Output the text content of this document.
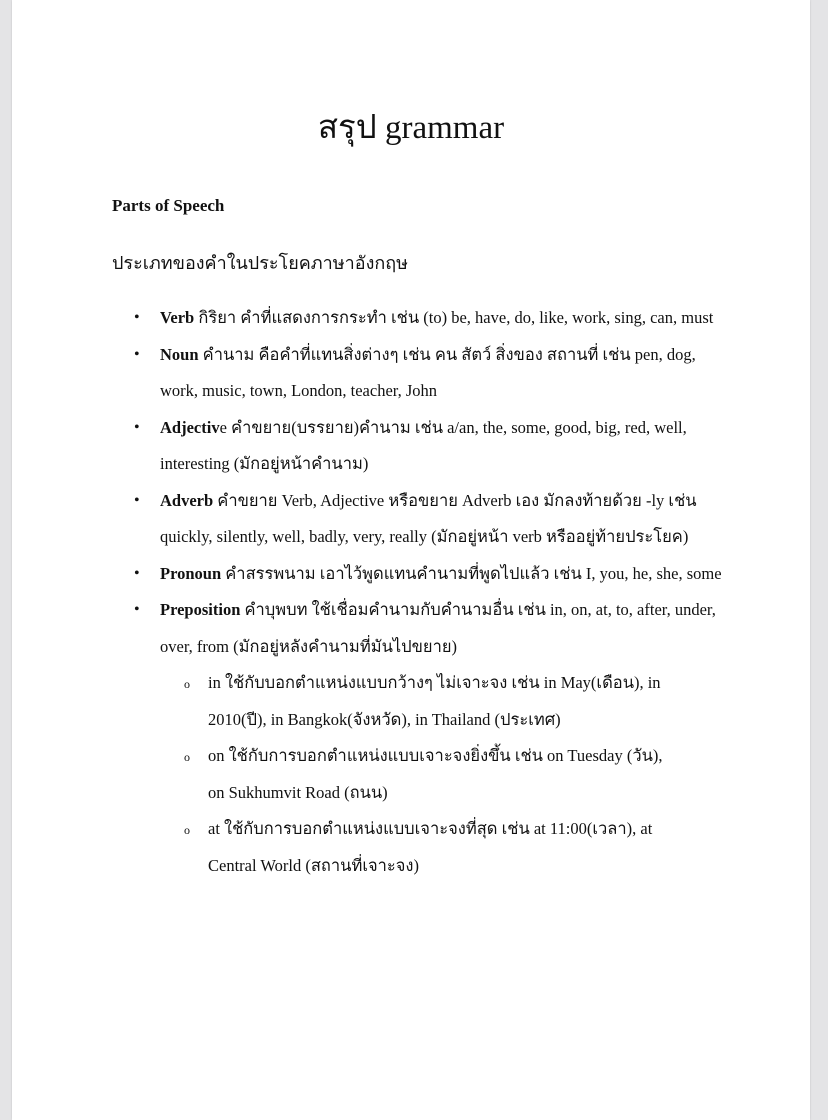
สรุป grammar

Parts of Speech

ประเภทของคำในประโยคภาษาอังกฤษ

• Verb กิริยา คำที่แสดงการกระทำ เช่น (to) be, have, do, like, work, sing, can, must
• Noun คำนาม คือคำที่แทนสิ่งต่างๆ เช่น คน สัตว์ สิ่งของ สถานที่ เช่น pen, dog, work, music, town, London, teacher, John
• Adjective คำขยาย(บรรยาย)คำนาม เช่น a/an, the, some, good, big, red, well, interesting (มักอยู่หน้าคำนาม)
• Adverb คำขยาย Verb, Adjective หรือขยาย Adverb เอง มักลงท้ายด้วย -ly เช่น quickly, silently, well, badly, very, really (มักอยู่หน้า verb หรืออยู่ท้ายประโยค)
• Pronoun คำสรรพนาม เอาไว้พูดแทนคำนามที่พูดไปแล้ว เช่น I, you, he, she, some
• Preposition คำบุพบท ใช้เชื่อมคำนามกับคำนามอื่น เช่น in, on, at, to, after, under, over, from (มักอยู่หลังคำนามที่มันไปขยาย)
o in ใช้กับบอกตำแหน่งแบบกว้างๆ ไม่เจาะจง เช่น in May(เดือน), in 2010(ปี), in Bangkok(จังหวัด), in Thailand (ประเทศ)
o on ใช้กับการบอกตำแหน่งแบบเจาะจงยิ่งขึ้น เช่น on Tuesday (วัน), on Sukhumvit Road (ถนน)
o at ใช้กับการบอกตำแหน่งแบบเจาะจงที่สุด เช่น at 11:00(เวลา), at Central World (สถานที่เจาะจง)
